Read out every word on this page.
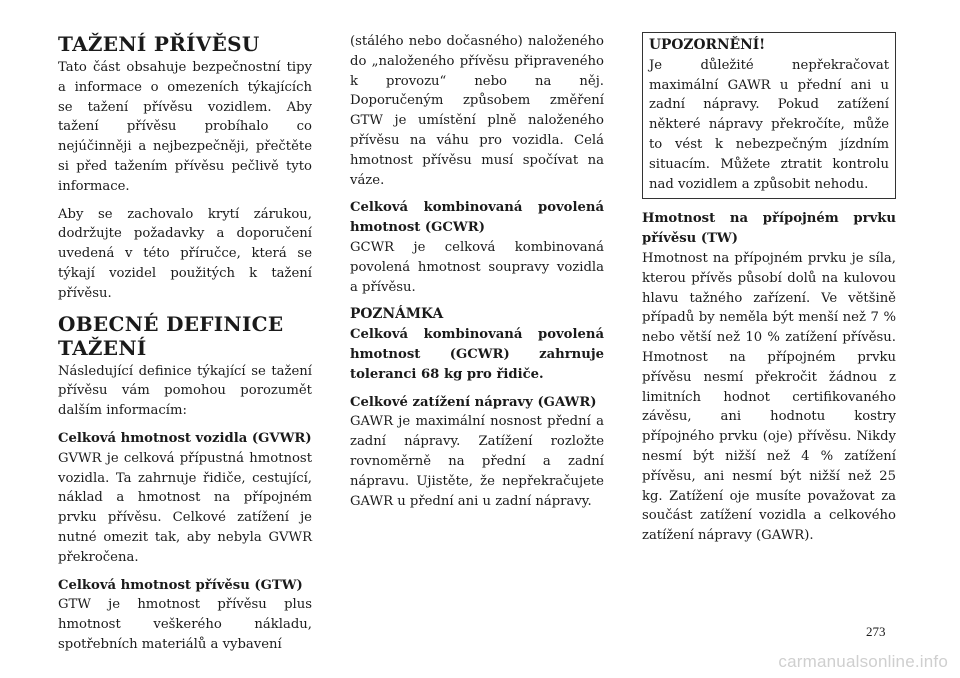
TAŽENÍ PŘÍVĚSU

Tato část obsahuje bezpečnostní tipy a informace o omezeních týkajících se tažení přívěsu vozidlem. Aby tažení přívěsu probíhalo co nejúčinněji a nejbezpečněji, přečtěte si před tažením přívěsu pečlivě tyto informace.

Aby se zachovalo krytí zárukou, dodržujte požadavky a doporučení uvedená v této příručce, která se týkají vozidel použitých k tažení přívěsu.

OBECNÉ DEFINICE TAŽENÍ

Následující definice týkající se tažení přívěsu vám pomohou porozumět dalším informacím:

Celková hmotnost vozidla (GVWR)

GVWR je celková přípustná hmotnost vozidla. Ta zahrnuje řidiče, cestující, náklad a hmotnost na přípojném prvku přívěsu. Celkové zatížení je nutné omezit tak, aby nebyla GVWR překročena.

Celková hmotnost přívěsu (GTW)

GTW je hmotnost přívěsu plus hmotnost veškerého nákladu, spotřebních materiálů a vybavení

(stálého nebo dočasného) naloženého do „naloženého přívěsu připraveného k provozu“ nebo na něj. Doporučeným způsobem změření GTW je umístění plně naloženého přívěsu na váhu pro vozidla. Celá hmotnost přívěsu musí spočívat na váze.

Celková kombinovaná povolená hmotnost (GCWR)

GCWR je celková kombinovaná povolená hmotnost soupravy vozidla a přívěsu.

POZNÁMKA

Celková kombinovaná povolená hmotnost (GCWR) zahrnuje toleranci 68 kg pro řidiče.

Celkové zatížení nápravy (GAWR)

GAWR je maximální nosnost přední a zadní nápravy. Zatížení rozložte rovnoměrně na přední a zadní nápravu. Ujistěte, že nepřekračujete GAWR u přední ani u zadní nápravy.

UPOZORNĚNÍ!

Je důležité nepřekračovat maximální GAWR u přední ani u zadní nápravy. Pokud zatížení některé nápravy překročíte, může to vést k nebezpečným jízdním situacím. Můžete ztratit kontrolu nad vozidlem a způsobit nehodu.

Hmotnost na přípojném prvku přívěsu (TW)

Hmotnost na přípojném prvku je síla, kterou přívěs působí dolů na kulovou hlavu tažného zařízení. Ve většině případů by neměla být menší než 7 % nebo větší než 10 % zatížení přívěsu. Hmotnost na přípojném prvku přívěsu nesmí překročit žádnou z limitních hodnot certifikovaného závěsu, ani hodnotu kostry přípojného prvku (oje) přívěsu. Nikdy nesmí být nižší než 4 % zatížení přívěsu, ani nesmí být nižší než 25 kg. Zatížení oje musíte považovat za součást zatížení vozidla a celkového zatížení nápravy (GAWR).

273
carmanualsonline.info
